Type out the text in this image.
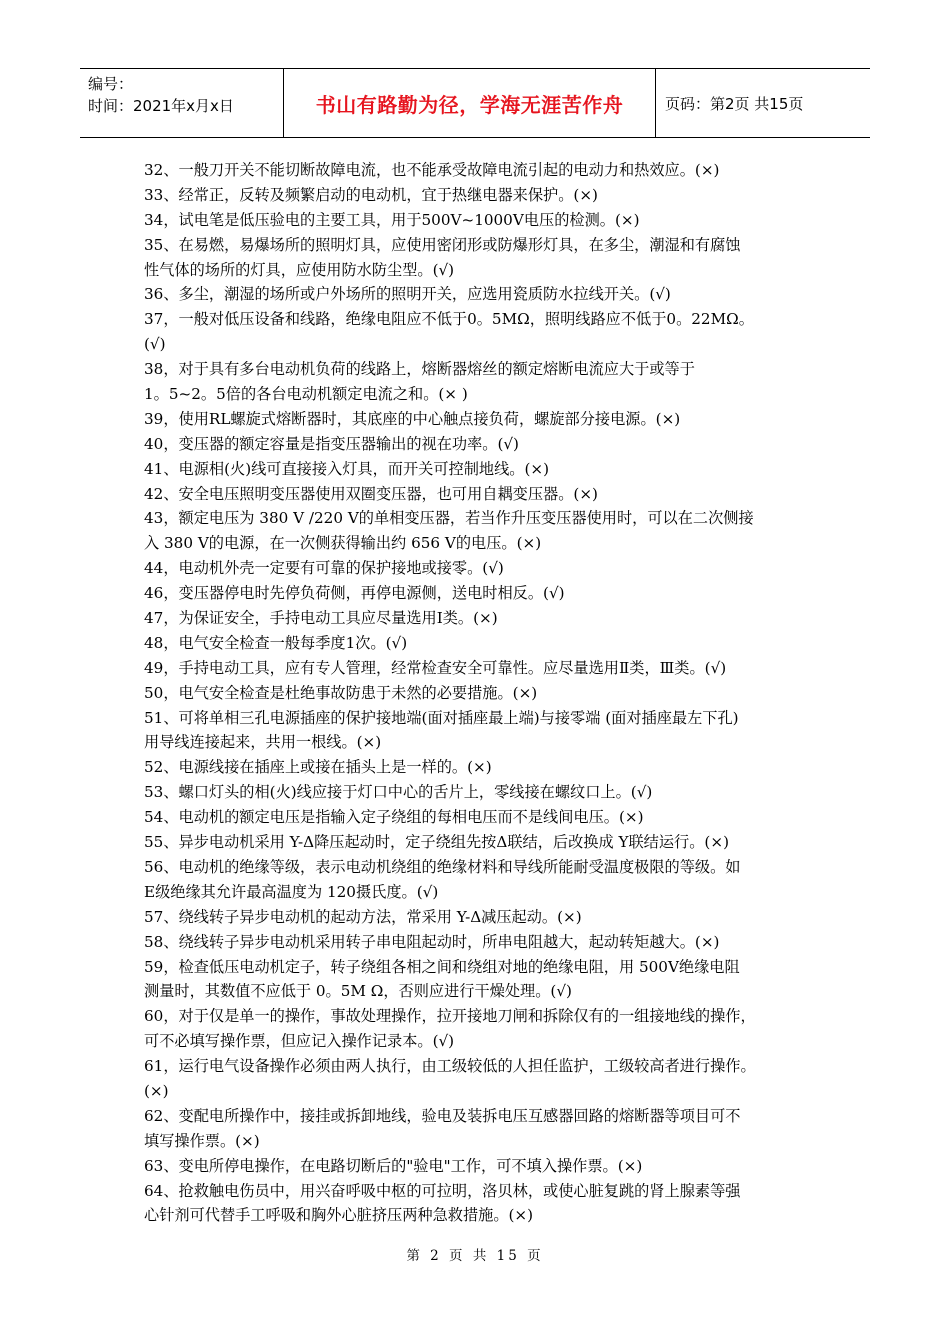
编号：
时间：2021年x月x日	书山有路勤为径，学海无涯苦作舟	页码：第2页 共15页
32、一般刀开关不能切断故障电流，也不能承受故障电流引起的电动力和热效应。(×)
33、经常正，反转及频繁启动的电动机，宜于热继电器来保护。(×)
34，试电笔是低压验电的主要工具，用于500V~1000V电压的检测。(×)
35、在易燃，易爆场所的照明灯具，应使用密闭形或防爆形灯具，在多尘，潮湿和有腐蚀
性气体的场所的灯具，应使用防水防尘型。(√)
36、多尘，潮湿的场所或户外场所的照明开关，应选用瓷质防水拉线开关。(√)
37，一般对低压设备和线路，绝缘电阻应不低于0。5MΩ，照明线路应不低于0。22MΩ。
(√)
38，对于具有多台电动机负荷的线路上，熔断器熔丝的额定熔断电流应大于或等于
1。5~2。5倍的各台电动机额定电流之和。(× )
39，使用RL螺旋式熔断器时，其底座的中心触点接负荷，螺旋部分接电源。(×)
40，变压器的额定容量是指变压器输出的视在功率。(√)
41、电源相(火)线可直接接入灯具，而开关可控制地线。(×)
42、安全电压照明变压器使用双圈变压器，也可用自耦变压器。(×)
43，额定电压为 380 V /220 V的单相变压器，若当作升压变压器使用时，可以在二次侧接
入 380 V的电源，在一次侧获得输出约 656 V的电压。(×)
44，电动机外壳一定要有可靠的保护接地或接零。(√)
46，变压器停电时先停负荷侧，再停电源侧，送电时相反。(√)
47，为保证安全，手持电动工具应尽量选用Ⅰ类。(×)
48，电气安全检查一般每季度1次。(√)
49，手持电动工具，应有专人管理，经常检查安全可靠性。应尽量选用Ⅱ类，Ⅲ类。(√)
50，电气安全检查是杜绝事故防患于未然的必要措施。(×)
51、可将单相三孔电源插座的保护接地端(面对插座最上端)与接零端 (面对插座最左下孔)
用导线连接起来，共用一根线。(×)
52、电源线接在插座上或接在插头上是一样的。(×)
53、螺口灯头的相(火)线应接于灯口中心的舌片上，零线接在螺纹口上。(√)
54、电动机的额定电压是指输入定子绕组的每相电压而不是线间电压。(×)
55、异步电动机采用 Y-Δ降压起动时，定子绕组先按Δ联结，后改换成 Y联结运行。(×)
56、电动机的绝缘等级，表示电动机绕组的绝缘材料和导线所能耐受温度极限的等级。如
E级绝缘其允许最高温度为 120摄氏度。(√)
57、绕线转子异步电动机的起动方法，常采用 Y-Δ减压起动。(×)
58、绕线转子异步电动机采用转子串电阻起动时，所串电阻越大，起动转矩越大。(×)
59，检查低压电动机定子，转子绕组各相之间和绕组对地的绝缘电阻，用 500V绝缘电阻
测量时，其数值不应低于 0。5M Ω，否则应进行干燥处理。(√)
60，对于仅是单一的操作，事故处理操作，拉开接地刀闸和拆除仅有的一组接地线的操作，
可不必填写操作票，但应记入操作记录本。(√)
61，运行电气设备操作必须由两人执行，由工级较低的人担任监护，工级较高者进行操作。
(×)
62、变配电所操作中，接挂或拆卸地线，验电及装拆电压互感器回路的熔断器等项目可不
填写操作票。(×)
63、变电所停电操作，在电路切断后的"验电"工作，可不填入操作票。(×)
64、抢救触电伤员中，用兴奋呼吸中枢的可拉明，洛贝林，或使心脏复跳的肾上腺素等强
心针剂可代替手工呼吸和胸外心脏挤压两种急救措施。(×)
第 2 页 共 15 页
